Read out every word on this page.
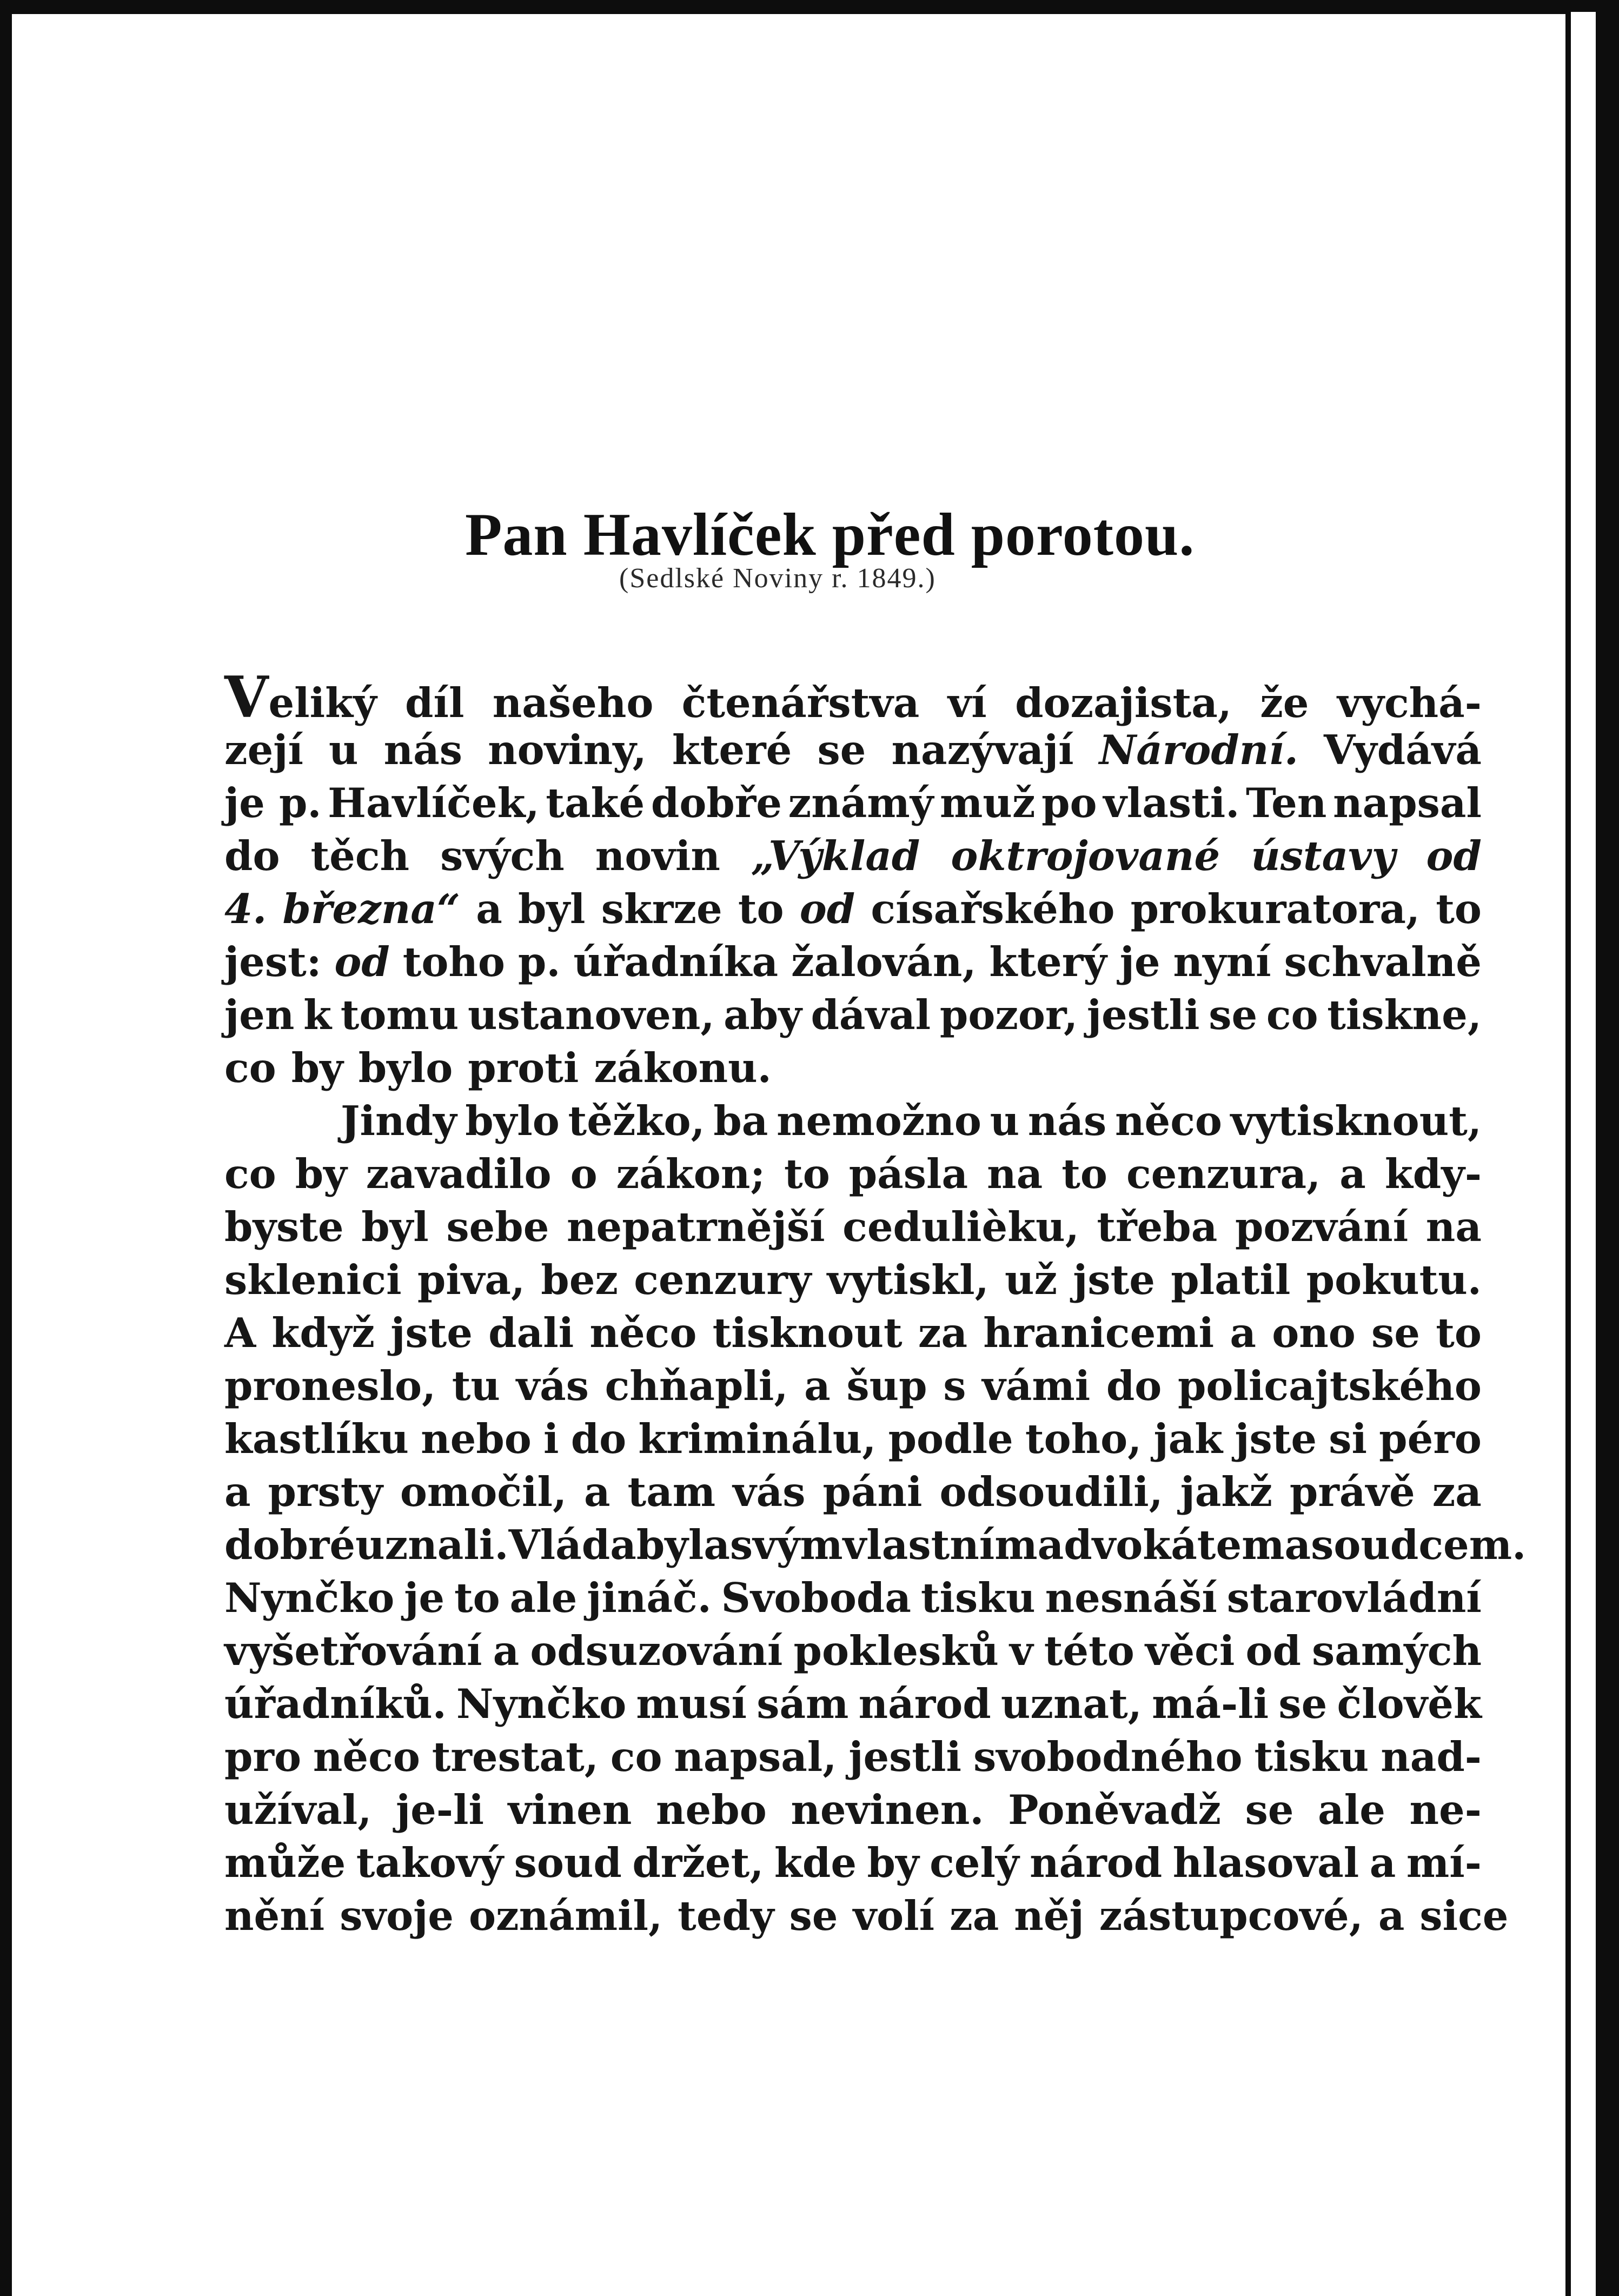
Pan Havlíček před porotou.
(Sedlské Noviny r. 1849.)
Veliký díl našeho čtenářstva ví dozajista, že vychá-
zejí u nás noviny, které se nazývají Národní. Vydává
je p. Havlíček, také dobře známý muž po vlasti. Ten napsal
do těch svých novin „Výklad oktrojované ústavy od
4. března“ a byl skrze to od císařského prokuratora, to
jest: od toho p. úřadníka žalován, který je nyní schvalně
jen k tomu ustanoven, aby dával pozor, jestli se co tiskne,
co by bylo proti zákonu.
Jindy bylo těžko, ba nemožno u nás něco vytisknout,
co by zavadilo o zákon; to pásla na to cenzura, a kdy-
byste byl sebe nepatrnější cedulièku, třeba pozvání na
sklenici piva, bez cenzury vytiskl, už jste platil pokutu.
A když jste dali něco tisknout za hranicemi a ono se to
proneslo, tu vás chňapli, a šup s vámi do policajtského
kastlíku nebo i do kriminálu, podle toho, jak jste si péro
a prsty omočil, a tam vás páni odsoudili, jakž právě za
dobré uznali. Vláda byla svým vlastním advokátem a soudcem.
Nynčko je to ale jináč. Svoboda tisku nesnáší starovládní
vyšetřování a odsuzování poklesků v této věci od samých
úřadníků. Nynčko musí sám národ uznat, má-li se člověk
pro něco trestat, co napsal, jestli svobodného tisku nad-
užíval, je-li vinen nebo nevinen. Poněvadž se ale ne-
může takový soud držet, kde by celý národ hlasoval a mí-
nění svoje oznámil, tedy se volí za něj zástupcové, a sice
